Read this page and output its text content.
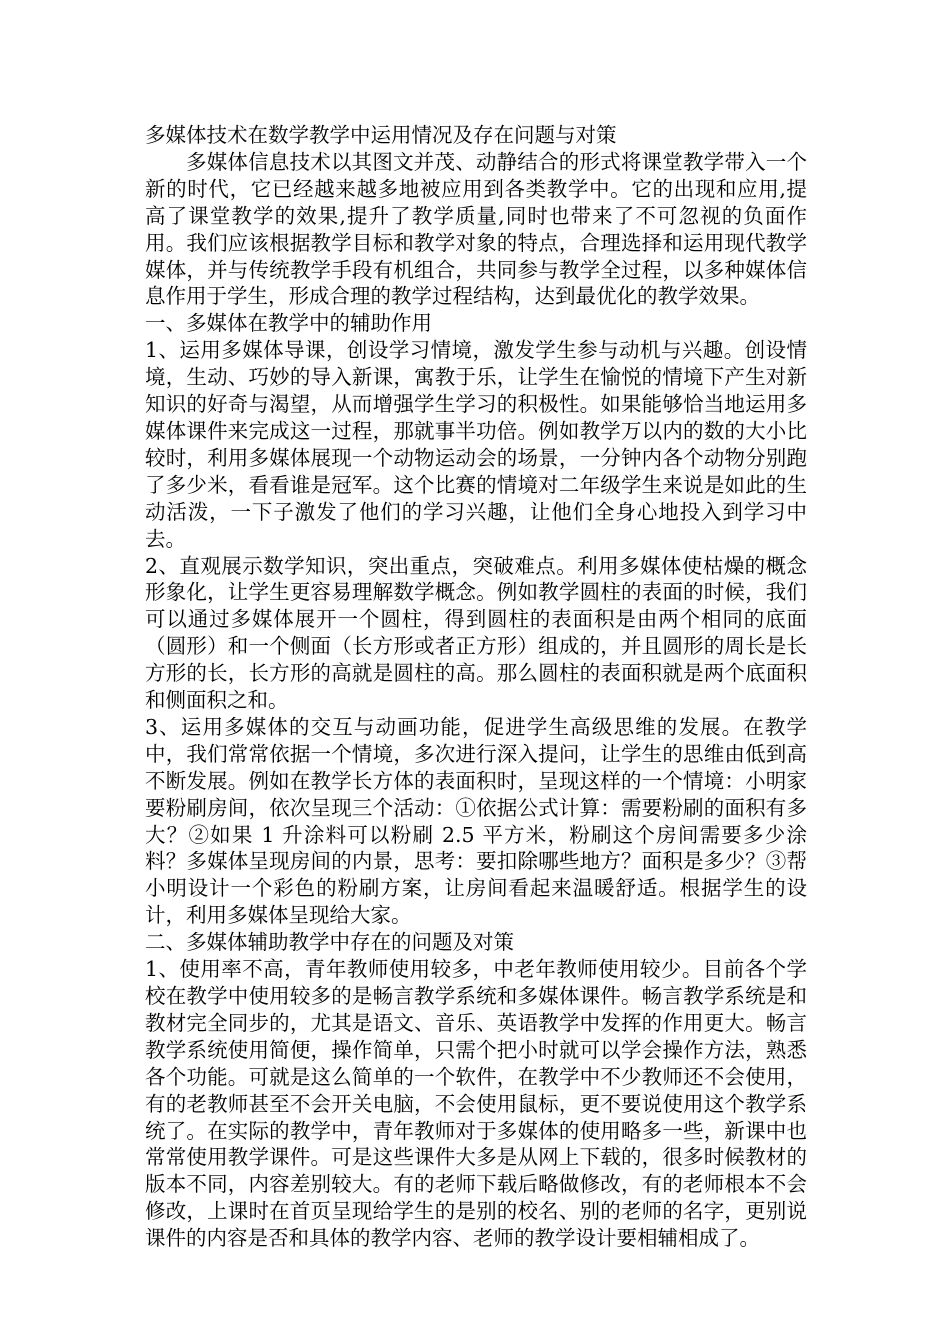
多媒体技术在数学教学中运用情况及存在问题与对策

多媒体信息技术以其图文并茂、动静结合的形式将课堂教学带入一个新的时代，它已经越来越多地被应用到各类教学中。它的出现和应用,提高了课堂教学的效果,提升了教学质量,同时也带来了不可忽视的负面作用。我们应该根据教学目标和教学对象的特点，合理选择和运用现代教学媒体，并与传统教学手段有机组合，共同参与教学全过程，以多种媒体信息作用于学生，形成合理的教学过程结构，达到最优化的教学效果。

一、多媒体在教学中的辅助作用

1、运用多媒体导课，创设学习情境，激发学生参与动机与兴趣。创设情境，生动、巧妙的导入新课，寓教于乐，让学生在愉悦的情境下产生对新知识的好奇与渴望，从而增强学生学习的积极性。如果能够恰当地运用多媒体课件来完成这一过程，那就事半功倍。例如教学万以内的数的大小比较时，利用多媒体展现一个动物运动会的场景，一分钟内各个动物分别跑了多少米，看看谁是冠军。这个比赛的情境对二年级学生来说是如此的生动活泼，一下子激发了他们的学习兴趣，让他们全身心地投入到学习中去。

2、直观展示数学知识，突出重点，突破难点。利用多媒体使枯燥的概念形象化，让学生更容易理解数学概念。例如教学圆柱的表面的时候，我们可以通过多媒体展开一个圆柱，得到圆柱的表面积是由两个相同的底面（圆形）和一个侧面（长方形或者正方形）组成的，并且圆形的周长是长方形的长，长方形的高就是圆柱的高。那么圆柱的表面积就是两个底面积和侧面积之和。

3、运用多媒体的交互与动画功能，促进学生高级思维的发展。在教学中，我们常常依据一个情境，多次进行深入提问，让学生的思维由低到高不断发展。例如在教学长方体的表面积时，呈现这样的一个情境：小明家要粉刷房间，依次呈现三个活动：①依据公式计算：需要粉刷的面积有多大？②如果 1 升涂料可以粉刷 2.5 平方米，粉刷这个房间需要多少涂料？多媒体呈现房间的内景，思考：要扣除哪些地方？面积是多少？③帮小明设计一个彩色的粉刷方案，让房间看起来温暖舒适。根据学生的设计，利用多媒体呈现给大家。

二、多媒体辅助教学中存在的问题及对策

1、使用率不高，青年教师使用较多，中老年教师使用较少。目前各个学校在教学中使用较多的是畅言教学系统和多媒体课件。畅言教学系统是和教材完全同步的，尤其是语文、音乐、英语教学中发挥的作用更大。畅言教学系统使用简便，操作简单，只需个把小时就可以学会操作方法，熟悉各个功能。可就是这么简单的一个软件，在教学中不少教师还不会使用，有的老教师甚至不会开关电脑，不会使用鼠标，更不要说使用这个教学系统了。在实际的教学中，青年教师对于多媒体的使用略多一些，新课中也常常使用教学课件。可是这些课件大多是从网上下载的，很多时候教材的版本不同，内容差别较大。有的老师下载后略做修改，有的老师根本不会修改，上课时在首页呈现给学生的是别的校名、别的老师的名字，更别说课件的内容是否和具体的教学内容、老师的教学设计要相辅相成了。
